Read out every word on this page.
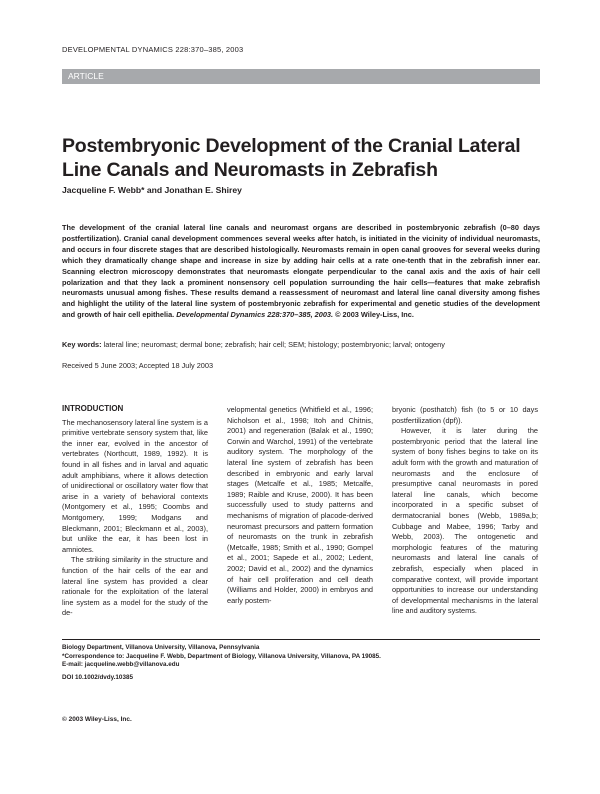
DEVELOPMENTAL DYNAMICS 228:370–385, 2003
ARTICLE
Postembryonic Development of the Cranial Lateral Line Canals and Neuromasts in Zebrafish
Jacqueline F. Webb* and Jonathan E. Shirey

The development of the cranial lateral line canals and neuromast organs are described in postembryonic zebrafish (0–80 days postfertilization). Cranial canal development commences several weeks after hatch, is initiated in the vicinity of individual neuromasts, and occurs in four discrete stages that are described histologically. Neuromasts remain in open canal grooves for several weeks during which they dramatically change shape and increase in size by adding hair cells at a rate one-tenth that in the zebrafish inner ear. Scanning electron microscopy demonstrates that neuromasts elongate perpendicular to the canal axis and the axis of hair cell polarization and that they lack a prominent nonsensory cell population surrounding the hair cells—features that make zebrafish neuromasts unusual among fishes. These results demand a reassessment of neuromast and lateral line canal diversity among fishes and highlight the utility of the lateral line system of postembryonic zebrafish for experimental and genetic studies of the development and growth of hair cell epithelia. Developmental Dynamics 228:370–385, 2003. © 2003 Wiley-Liss, Inc.

Key words: lateral line; neuromast; dermal bone; zebrafish; hair cell; SEM; histology; postembryonic; larval; ontogeny
Received 5 June 2003; Accepted 18 July 2003
INTRODUCTION

The mechanosensory lateral line system is a primitive vertebrate sensory system that, like the inner ear, evolved in the ancestor of vertebrates (Northcutt, 1989, 1992). It is found in all fishes and in larval and aquatic adult amphibians, where it allows detection of unidirectional or oscillatory water flow that arise in a variety of behavioral contexts (Montgomery et al., 1995; Coombs and Montgomery, 1999; Modgans and Bleckmann, 2001; Bleckmann et al., 2003), but unlike the ear, it has been lost in amniotes.

The striking similarity in the structure and function of the hair cells of the ear and lateral line system has provided a clear rationale for the exploitation of the lateral line system as a model for the study of the de-

velopmental genetics (Whitfield et al., 1996; Nicholson et al., 1998; Itoh and Chitnis, 2001) and regeneration (Balak et al., 1990; Corwin and Warchol, 1991) of the vertebrate auditory system. The morphology of the lateral line system of zebrafish has been described in embryonic and early larval stages (Metcalfe et al., 1985; Metcalfe, 1989; Raible and Kruse, 2000). It has been successfully used to study patterns and mechanisms of migration of placode-derived neuromast precursors and pattern formation of neuromasts on the trunk in zebrafish (Metcalfe, 1985; Smith et al., 1990; Gompel et al., 2001; Sapede et al., 2002; Ledent, 2002; David et al., 2002) and the dynamics of hair cell proliferation and cell death (Williams and Holder, 2000) in embryos and early postem-

bryonic (posthatch) fish (to 5 or 10 days postfertilization (dpf)).

However, it is later during the postembryonic period that the lateral line system of bony fishes begins to take on its adult form with the growth and maturation of neuromasts and the enclosure of presumptive canal neuromasts in pored lateral line canals, which become incorporated in a specific subset of dermatocranial bones (Webb, 1989a,b; Cubbage and Mabee, 1996; Tarby and Webb, 2003). The ontogenetic and morphologic features of the maturing neuromasts and lateral line canals of zebrafish, especially when placed in comparative context, will provide important opportunities to increase our understanding of developmental mechanisms in the lateral line and auditory systems.

Biology Department, Villanova University, Villanova, Pennsylvania
*Correspondence to: Jacqueline F. Webb, Department of Biology, Villanova University, Villanova, PA 19085.
E-mail: jacqueline.webb@villanova.edu
DOI 10.1002/dvdy.10385
© 2003 Wiley-Liss, Inc.
